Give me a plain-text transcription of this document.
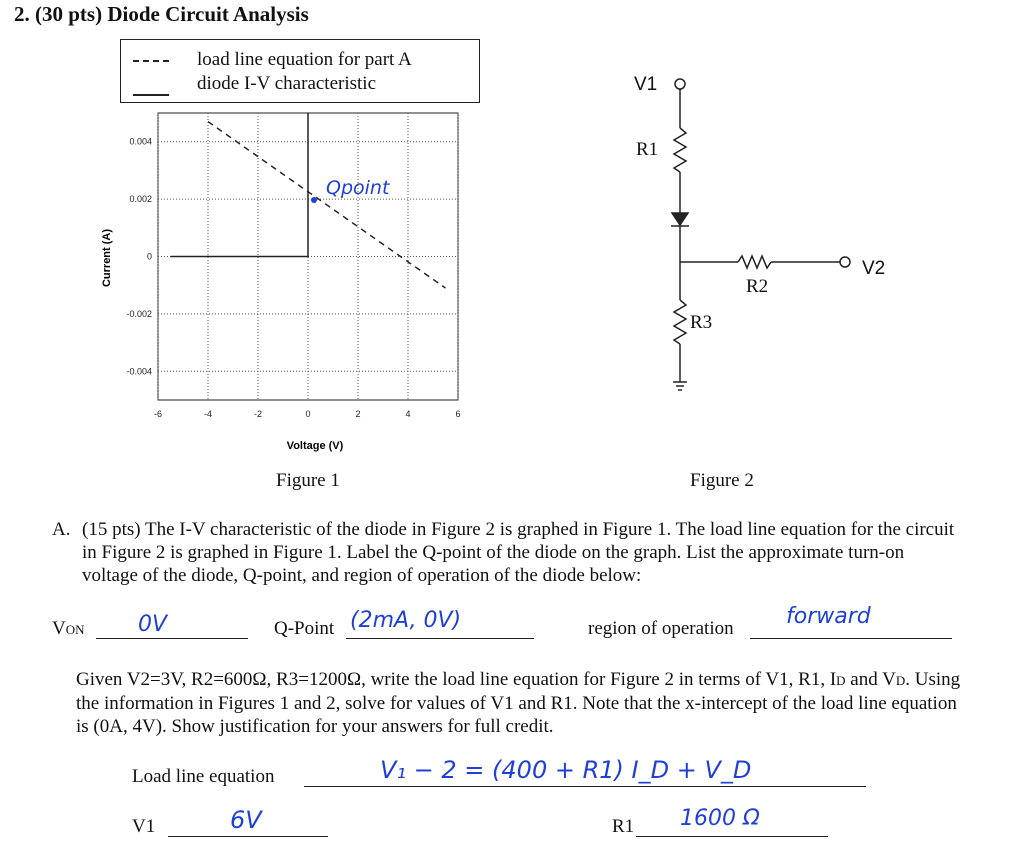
2. (30 pts) Diode Circuit Analysis
load line equation for part A
diode I-V characteristic
-6	-4	-2	0	2	4	6
0.004
0.002
0
-0.002
-0.004
Current (A)
Voltage (V)
Qpoint
Figure 1
V1
R1
V2
R2
R3
Figure 2
A. (15 pts) The I-V characteristic of the diode in Figure 2 is graphed in Figure 1. The load line equation for the circuit in Figure 2 is graphed in Figure 1. Label the Q-point of the diode on the graph. List the approximate turn-on voltage of the diode, Q-point, and region of operation of the diode below:
VON 0V	Q-Point (2mA, 0V)	region of operation forward
Given V2=3V, R2=600Ω, R3=1200Ω, write the load line equation for Figure 2 in terms of V1, R1, ID and VD. Using the information in Figures 1 and 2, solve for values of V1 and R1. Note that the x-intercept of the load line equation is (0A, 4V). Show justification for your answers for full credit.
Load line equation	V₁ − 2 = (400 + R1) I_D + V_D
V1	6V	R1 1600 Ω
